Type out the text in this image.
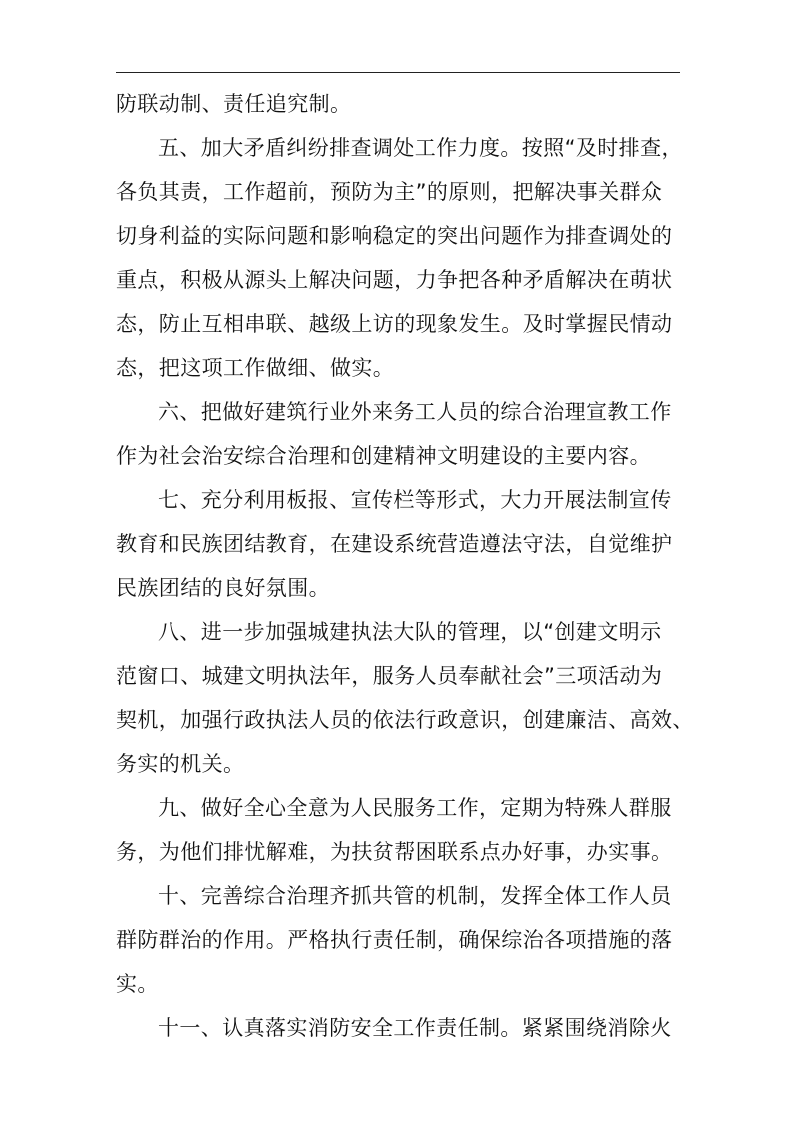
防联动制、责任追究制。
五、加大矛盾纠纷排查调处工作力度。按照“及时排查，
各负其责，工作超前，预防为主”的原则，把解决事关群众
切身利益的实际问题和影响稳定的突出问题作为排查调处的
重点，积极从源头上解决问题，力争把各种矛盾解决在萌状
态，防止互相串联、越级上访的现象发生。及时掌握民情动
态，把这项工作做细、做实。
六、把做好建筑行业外来务工人员的综合治理宣教工作
作为社会治安综合治理和创建精神文明建设的主要内容。
七、充分利用板报、宣传栏等形式，大力开展法制宣传
教育和民族团结教育，在建设系统营造遵法守法，自觉维护
民族团结的良好氛围。
八、进一步加强城建执法大队的管理，以“创建文明示
范窗口、城建文明执法年，服务人员奉献社会”三项活动为
契机，加强行政执法人员的依法行政意识，创建廉洁、高效、
务实的机关。
九、做好全心全意为人民服务工作，定期为特殊人群服
务，为他们排忧解难，为扶贫帮困联系点办好事，办实事。
十、完善综合治理齐抓共管的机制，发挥全体工作人员
群防群治的作用。严格执行责任制，确保综治各项措施的落
实。
十一、认真落实消防安全工作责任制。紧紧围绕消除火
